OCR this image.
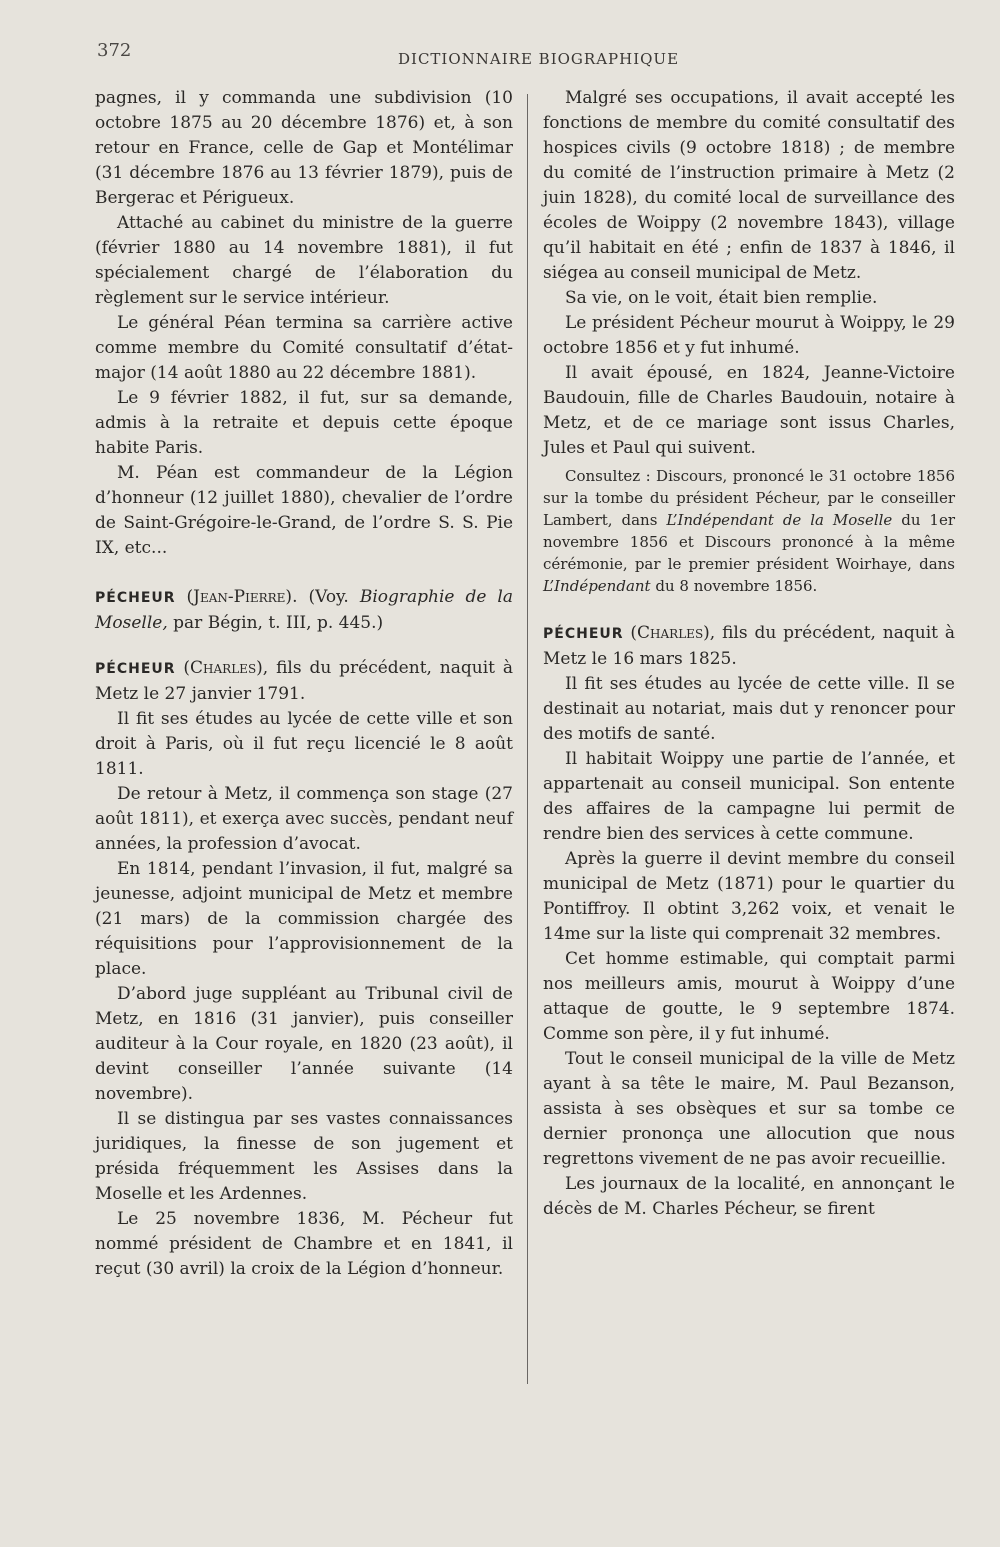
372	DICTIONNAIRE BIOGRAPHIQUE

pagnes, il y commanda une subdivision (10 octobre 1875 au 20 décembre 1876) et, à son retour en France, celle de Gap et Montélimar (31 décembre 1876 au 13 février 1879), puis de Bergerac et Périgueux.

Attaché au cabinet du ministre de la guerre (février 1880 au 14 novembre 1881), il fut spécialement chargé de l’élaboration du règlement sur le service intérieur.

Le général Péan termina sa carrière active comme membre du Comité consultatif d’état-major (14 août 1880 au 22 décembre 1881).

Le 9 février 1882, il fut, sur sa demande, admis à la retraite et depuis cette époque habite Paris.

M. Péan est commandeur de la Légion d’honneur (12 juillet 1880), chevalier de l’ordre de Saint-Grégoire-le-Grand, de l’ordre S. S. Pie IX, etc...

PÉCHEUR (Jean-Pierre). (Voy. Biographie de la Moselle, par Bégin, t. III, p. 445.)

PÉCHEUR (Charles), fils du précédent, naquit à Metz le 27 janvier 1791.

Il fit ses études au lycée de cette ville et son droit à Paris, où il fut reçu licencié le 8 août 1811.

De retour à Metz, il commença son stage (27 août 1811), et exerça avec succès, pendant neuf années, la profession d’avocat.

En 1814, pendant l’invasion, il fut, malgré sa jeunesse, adjoint municipal de Metz et membre (21 mars) de la commission chargée des réquisitions pour l’approvisionnement de la place.

D’abord juge suppléant au Tribunal civil de Metz, en 1816 (31 janvier), puis conseiller auditeur à la Cour royale, en 1820 (23 août), il devint conseiller l’année suivante (14 novembre).

Il se distingua par ses vastes connaissances juridiques, la finesse de son jugement et présida fréquemment les Assises dans la Moselle et les Ardennes.

Le 25 novembre 1836, M. Pécheur fut nommé président de Chambre et en 1841, il reçut (30 avril) la croix de la Légion d’honneur.

Malgré ses occupations, il avait accepté les fonctions de membre du comité consultatif des hospices civils (9 octobre 1818) ; de membre du comité de l’instruction primaire à Metz (2 juin 1828), du comité local de surveillance des écoles de Woippy (2 novembre 1843), village qu’il habitait en été ; enfin de 1837 à 1846, il siégea au conseil municipal de Metz.

Sa vie, on le voit, était bien remplie.

Le président Pécheur mourut à Woippy, le 29 octobre 1856 et y fut inhumé.

Il avait épousé, en 1824, Jeanne-Victoire Baudouin, fille de Charles Baudouin, notaire à Metz, et de ce mariage sont issus Charles, Jules et Paul qui suivent.

Consultez : Discours, prononcé le 31 octobre 1856 sur la tombe du président Pécheur, par le conseiller Lambert, dans L’Indépendant de la Moselle du 1er novembre 1856 et Discours prononcé à la même cérémonie, par le premier président Woirhaye, dans L’Indépendant du 8 novembre 1856.

PÉCHEUR (Charles), fils du précédent, naquit à Metz le 16 mars 1825.

Il fit ses études au lycée de cette ville. Il se destinait au notariat, mais dut y renoncer pour des motifs de santé.

Il habitait Woippy une partie de l’année, et appartenait au conseil municipal. Son entente des affaires de la campagne lui permit de rendre bien des services à cette commune.

Après la guerre il devint membre du conseil municipal de Metz (1871) pour le quartier du Pontiffroy. Il obtint 3,262 voix, et venait le 14me sur la liste qui comprenait 32 membres.

Cet homme estimable, qui comptait parmi nos meilleurs amis, mourut à Woippy d’une attaque de goutte, le 9 septembre 1874. Comme son père, il y fut inhumé.

Tout le conseil municipal de la ville de Metz ayant à sa tête le maire, M. Paul Bezanson, assista à ses obsèques et sur sa tombe ce dernier prononça une allocution que nous regrettons vivement de ne pas avoir recueillie.

Les journaux de la localité, en annonçant le décès de M. Charles Pécheur, se firent
